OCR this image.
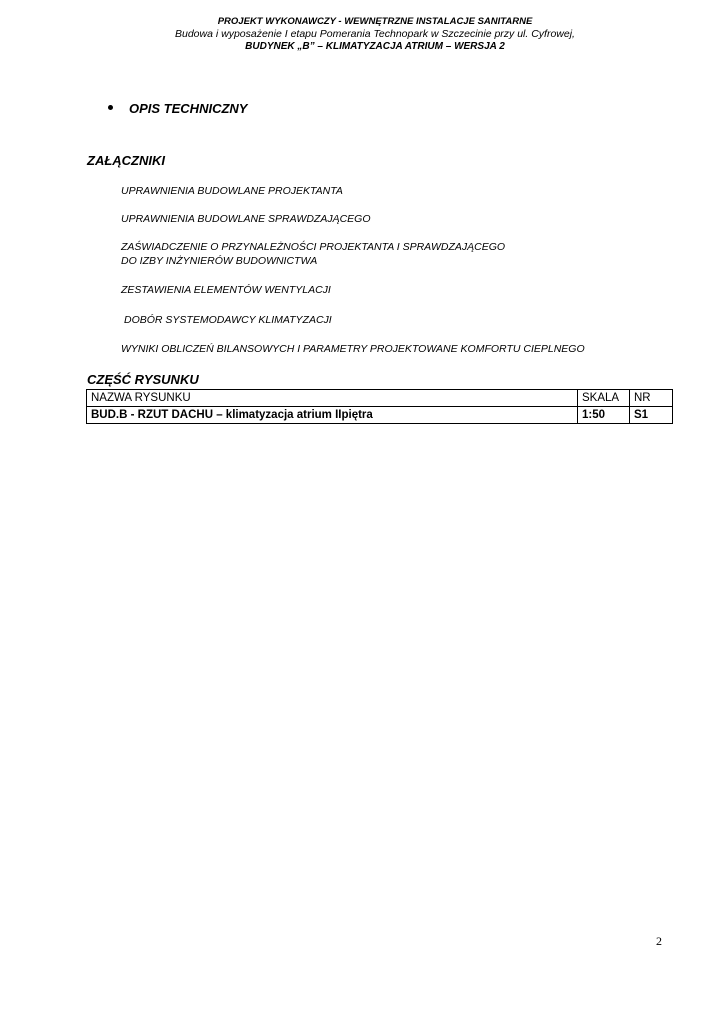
PROJEKT WYKONAWCZY - WEWNĘTRZNE INSTALACJE SANITARNE
Budowa i wyposażenie I etapu Pomerania Technopark w Szczecinie przy ul. Cyfrowej,
BUDYNEK „B” – KLIMATYZACJA ATRIUM – WERSJA 2
OPIS TECHNICZNY
ZAŁĄCZNIKI
UPRAWNIENIA BUDOWLANE PROJEKTANTA
UPRAWNIENIA BUDOWLANE SPRAWDZAJĄCEGO
ZAŚWIADCZENIE O PRZYNALEŻNOŚCI PROJEKTANTA I SPRAWDZAJĄCEGO
DO IZBY INŻYNIERÓW BUDOWNICTWA
ZESTAWIENIA ELEMENTÓW WENTYLACJI
DOBÓR SYSTEMODAWCY KLIMATYZACJI
WYNIKI OBLICZEŃ BILANSOWYCH I PARAMETRY PROJEKTOWANE KOMFORTU CIEPLNEGO
CZĘŚĆ RYSUNKU
NAZWA RYSUNKU	SKALA	NR
BUD.B - RZUT DACHU – klimatyzacja atrium IIpiętra	1:50	S1
2
